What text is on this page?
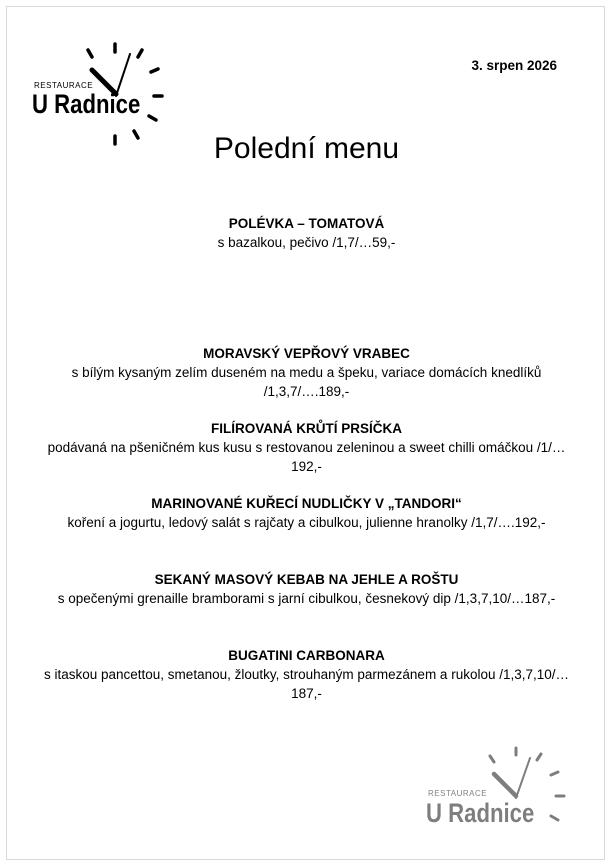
RESTAURACE
U Radnice
3. srpen 2026
Polední menu
POLÉVKA – TOMATOVÁ
s bazalkou, pečivo /1,7/…59,-
MORAVSKÝ VEPŘOVÝ VRABEC
s bílým kysaným zelím duseném na medu a špeku, variace domácích knedlíků /1,3,7/….189,-
FILÍROVANÁ KRŮTÍ PRSÍČKA
podávaná na pšeničném kus kusu s restovanou zeleninou a sweet chilli omáčkou /1/…192,-
MARINOVANÉ KUŘECÍ NUDLIČKY V „TANDORI“
koření a jogurtu, ledový salát s rajčaty a cibulkou, julienne hranolky /1,7/….192,-
SEKANÝ MASOVÝ KEBAB NA JEHLE A ROŠTU
s opečenými grenaille bramborami s jarní cibulkou, česnekový dip /1,3,7,10/…187,-
BUGATINI CARBONARA
s itaskou pancettou, smetanou, žloutky, strouhaným parmezánem a rukolou /1,3,7,10/…187,-
RESTAURACE
U Radnice
